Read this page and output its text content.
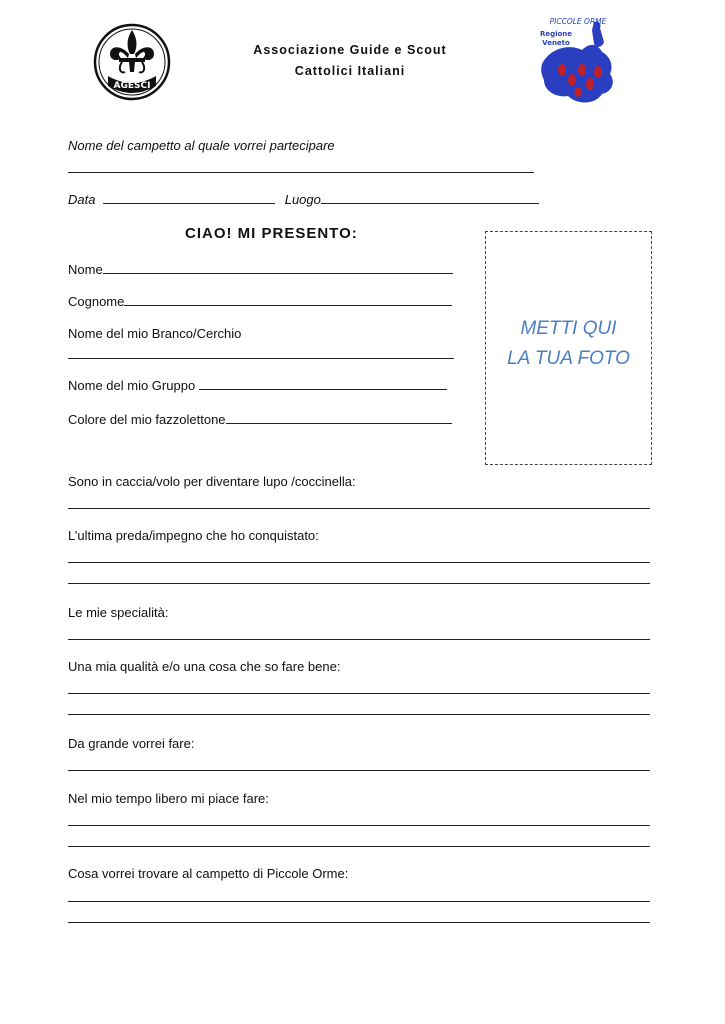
AGESCI
Associazione Guide e Scout
Cattolici Italiani
PICCOLE ORME
Regione
Veneto
Nome del campetto al quale vorrei partecipare
Data	Luogo
CIAO! MI PRESENTO:
Nome
Cognome
Nome del mio Branco/Cerchio
Nome del mio Gruppo
Colore del mio fazzolettone
METTI QUI
LA TUA FOTO
Sono in caccia/volo per diventare lupo /coccinella:
L’ultima preda/impegno che ho conquistato:
Le mie specialità:
Una mia qualità e/o una cosa che so fare bene:
Da grande vorrei fare:
Nel mio tempo libero mi piace fare:
Cosa vorrei trovare al campetto di Piccole Orme:
